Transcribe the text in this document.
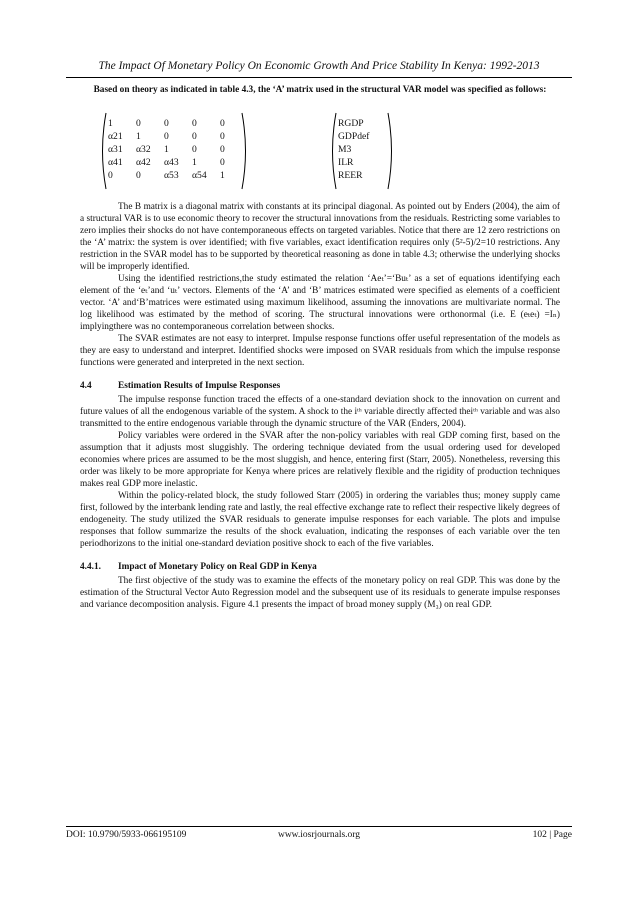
The Impact Of Monetary Policy On Economic Growth And Price Stability In Kenya: 1992-2013

Based on theory as indicated in table 4.3, the ‘A’ matrix used in the structural VAR model was specified as follows:

1	0	0	0	0
α21	1	0	0	0
α31	α32	1	0	0
α41	α42	α43	1	0
0	0	α53	α54	1
RGDP
GDPdef
M3
ILR
REER

The B matrix is a diagonal matrix with constants at its principal diagonal. As pointed out by Enders (2004), the aim of a structural VAR is to use economic theory to recover the structural innovations from the residuals. Restricting some variables to zero implies their shocks do not have contemporaneous effects on targeted variables. Notice that there are 12 zero restrictions on the ‘A’ matrix: the system is over identified; with five variables, exact identification requires only (5²-5)/2=10 restrictions. Any restriction in the SVAR model has to be supported by theoretical reasoning as done in table 4.3; otherwise the underlying shocks will be improperly identified.

Using the identified restrictions,the study estimated the relation ‘Aeₜ’=‘Buₜ’ as a set of equations identifying each element of the ‘eₜ’and ‘uₜ’ vectors. Elements of the ‘A’ and ‘B’ matrices estimated were specified as elements of a coefficient vector. ‘A’ and‘B’matrices were estimated using maximum likelihood, assuming the innovations are multivariate normal. The log likelihood was estimated by the method of scoring. The structural innovations were orthonormal (i.e. E (eₜeₜ) =Iₙ) implyingthere was no contemporaneous correlation between shocks.

The SVAR estimates are not easy to interpret. Impulse response functions offer useful representation of the models as they are easy to understand and interpret. Identified shocks were imposed on SVAR residuals from which the impulse response functions were generated and interpreted in the next section.

4.4	Estimation Results of Impulse Responses

The impulse response function traced the effects of a one-standard deviation shock to the innovation on current and future values of all the endogenous variable of the system. A shock to the iᵗʰ variable directly affected theiᵗʰ variable and was also transmitted to the entire endogenous variable through the dynamic structure of the VAR (Enders, 2004).

Policy variables were ordered in the SVAR after the non-policy variables with real GDP coming first, based on the assumption that it adjusts most sluggishly. The ordering technique deviated from the usual ordering used for developed economies where prices are assumed to be the most sluggish, and hence, entering first (Starr, 2005). Nonetheless, reversing this order was likely to be more appropriate for Kenya where prices are relatively flexible and the rigidity of production techniques makes real GDP more inelastic.

Within the policy-related block, the study followed Starr (2005) in ordering the variables thus; money supply came first, followed by the interbank lending rate and lastly, the real effective exchange rate to reflect their respective likely degrees of endogeneity. The study utilized the SVAR residuals to generate impulse responses for each variable. The plots and impulse responses that follow summarize the results of the shock evaluation, indicating the responses of each variable over the ten periodhorizons to the initial one-standard deviation positive shock to each of the five variables.

4.4.1.	Impact of Monetary Policy on Real GDP in Kenya

The first objective of the study was to examine the effects of the monetary policy on real GDP. This was done by the estimation of the Structural Vector Auto Regression model and the subsequent use of its residuals to generate impulse responses and variance decomposition analysis. Figure 4.1 presents the impact of broad money supply (M₃) on real GDP.

DOI: 10.9790/5933-066195109	www.iosrjournals.org	102 | Page
